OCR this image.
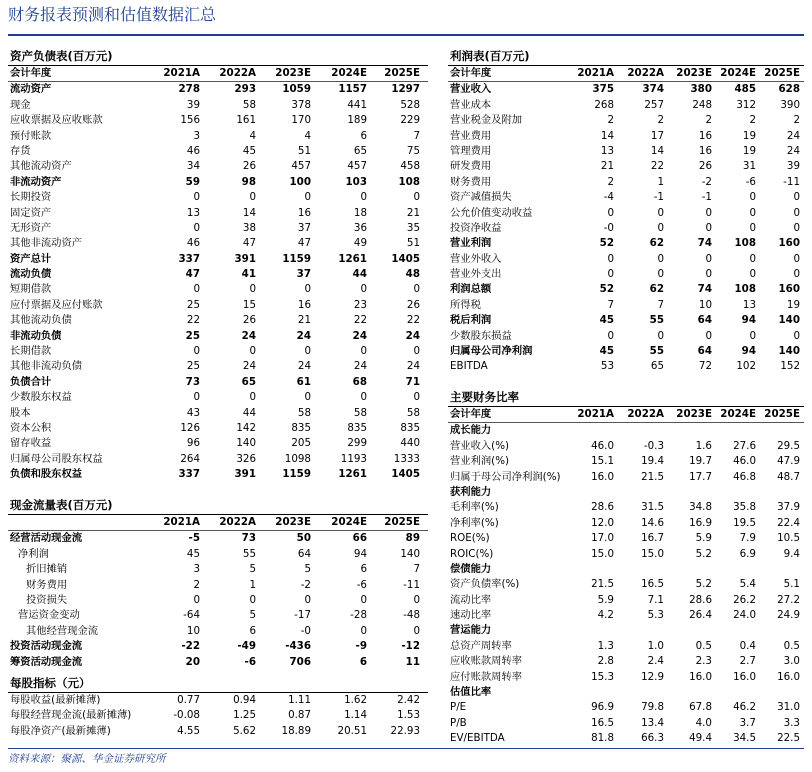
财务报表预测和估值数据汇总
资料来源：聚源、华金证券研究所
资产负债表(百万元)
会计年度	2021A 2022A 2023E 2024E 2025E
流动资产	278	293	1059	1157 1297
现金	39	58	378	441	528
应收票据及应收账款	156	161	170	189	229
预付账款	3	4	4	6	7
存货	46	45	51	65	75
其他流动资产	34	26	457	457	458
非流动资产	59	98	100	103	108
长期投资	0	0	0	0	0
固定资产	13	14	16	18	21
无形资产	0	38	37	36	35
其他非流动资产	46	47	47	49	51
资产总计	337	391	1159	1261 1405
流动负债	47	41	37	44	48
短期借款	0	0	0	0	0
应付票据及应付账款	25	15	16	23	26
其他流动负债	22	26	21	22	22
非流动负债	25	24	24	24	24
长期借款	0	0	0	0	0
其他非流动负债	25	24	24	24	24
负债合计	73	65	61	68	71
少数股东权益	0	0	0	0	0
股本	43	44	58	58	58
资本公积	126	142	835	835	835
留存收益	96	140	205	299	440
归属母公司股东权益	264	326	1098	1193	1333
负债和股东权益	337	391	1159	1261 1405
现金流量表(百万元)
2021A 2022A 2023E 2024E 2025E
经营活动现金流	-5	73	50	66	89
净利润	45	55	64	94	140
折旧摊销	3	5	5	6	7
财务费用	2	1	-2	-6	-11
投资损失	0	0	0	0	0
营运资金变动	-64	5	-17	-28	-48
其他经营现金流	10	6	-0	0	0
投资活动现金流	-22	-49	-436	-9	-12
筹资活动现金流	20	-6	706	6	11
每股指标（元）
每股收益(最新摊薄)	0.77	0.94	1.11	1.62	2.42
每股经营现金流(最新摊薄)	-0.08	1.25	0.87	1.14	1.53
每股净资产(最新摊薄)	4.55	5.62 18.89	20.51 22.93
利润表(百万元)
会计年度	2021A 2022A 2023E 2024E 2025E
营业收入	375	374	380 485 628
营业成本	268	257	248 312 390
营业税金及附加	2	2	2	2	2
营业费用	14	17	16	19	24
管理费用	13	14	16	19	24
研发费用	21	22	26	31	39
财务费用	2	1	-2	-6	-11
资产减值损失	-4	-1	-1	0	0
公允价值变动收益	0	0	0	0	0
投资净收益	-0	0	0	0	0
营业利润	52	62	74 108 160
营业外收入	0	0	0	0	0
营业外支出	0	0	0	0	0
利润总额	52	62	74 108 160
所得税	7	7	10	13	19
税后利润	45	55	64	94 140
少数股东损益	0	0	0	0	0
归属母公司净利润	45	55	64	94 140
EBITDA	53	65	72 102 152
主要财务比率
会计年度	2021A 2022A 2023E 2024E 2025E
成长能力
营业收入(%)	46.0	-0.3	1.6 27.6 29.5
营业利润(%)	15.1	19.4 19.7 46.0 47.9
归属于母公司净利润(%)	16.0	21.5 17.7 46.8 48.7
获利能力
毛利率(%)	28.6	31.5 34.8 35.8 37.9
净利率(%)	12.0	14.6 16.9 19.5 22.4
ROE(%)	17.0	16.7	5.9	7.9 10.5
ROIC(%)	15.0	15.0	5.2	6.9	9.4
偿债能力
资产负债率(%)	21.5	16.5	5.2	5.4	5.1
流动比率	5.9	7.1 28.6 26.2 27.2
速动比率	4.2	5.3 26.4 24.0 24.9
营运能力
总资产周转率	1.3	1.0	0.5	0.4	0.5
应收账款周转率	2.8	2.4	2.3	2.7	3.0
应付账款周转率	15.3	12.9 16.0 16.0 16.0
估值比率
P/E	96.9	79.8 67.8 46.2 31.0
P/B	16.5	13.4	4.0	3.7	3.3
EV/EBITDA	81.8	66.3 49.4 34.5 22.5
